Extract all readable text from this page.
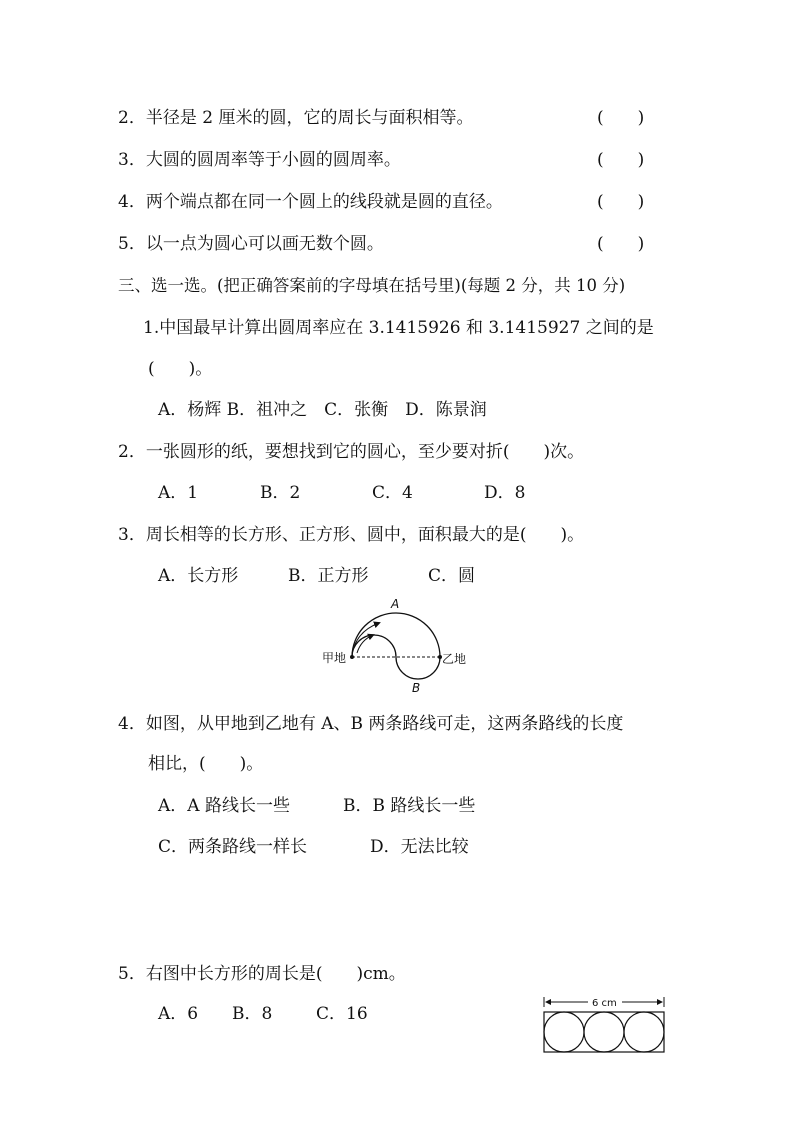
2．半径是 2 厘米的圆，它的周长与面积相等。	(　　)
3．大圆的圆周率等于小圆的圆周率。	(　　)
4．两个端点都在同一个圆上的线段就是圆的直径。	(　　)
5．以一点为圆心可以画无数个圆。	(　　)
三、选一选。(把正确答案前的字母填在括号里)(每题 2 分，共 10 分)
1.中国最早计算出圆周率应在 3.1415926 和 3.1415927 之间的是
(　　)。
A．杨辉 B．祖冲之　C．张衡　D．陈景润
2．一张圆形的纸，要想找到它的圆心，至少要对折(　　)次。
A．1	B．2	C．4	D．8
3．周长相等的长方形、正方形、圆中，面积最大的是(　　)。
A．长方形	B．正方形	C．圆
甲地	乙地
A
B
4．如图，从甲地到乙地有 A、B 两条路线可走，这两条路线的长度
相比，(　　)。
A．A 路线长一些	B．B 路线长一些
C．两条路线一样长	D．无法比较
5．右图中长方形的周长是(　　)cm。
A．6 B．8	C．16
6 cm
